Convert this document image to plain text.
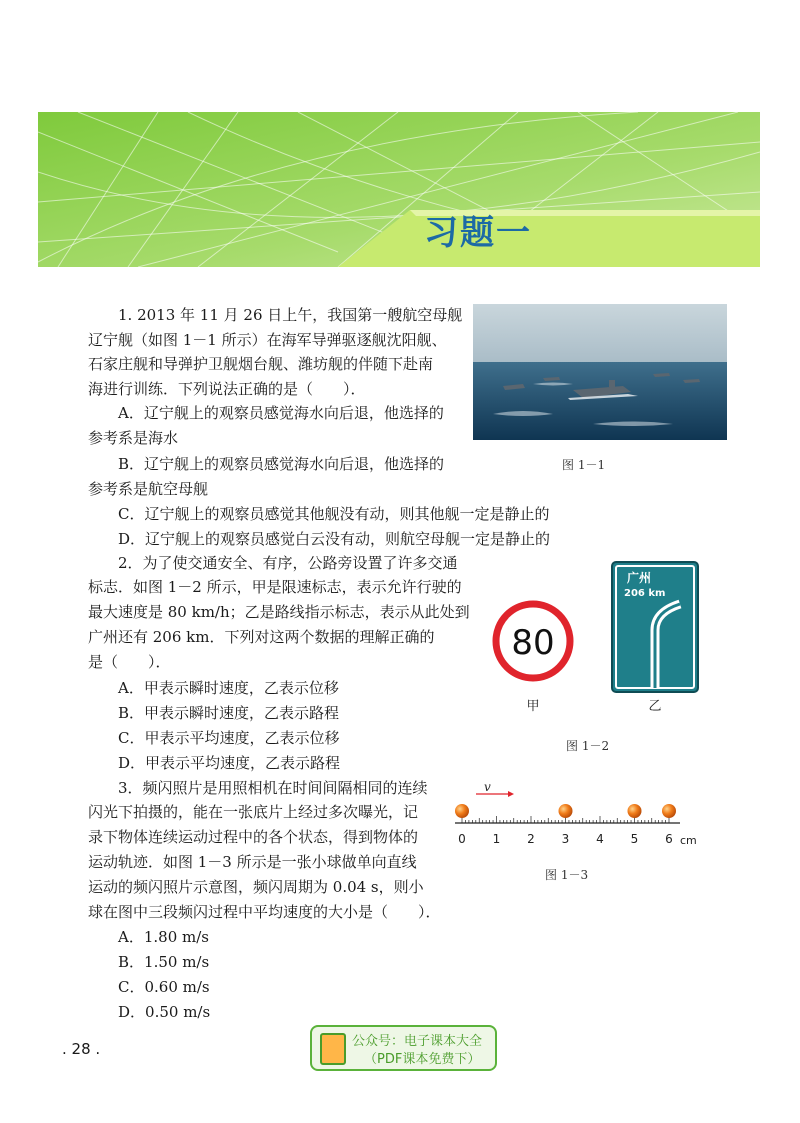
习题一
1. 2013 年 11 月 26 日上午，我国第一艘航空母舰
辽宁舰（如图 1－1 所示）在海军导弹驱逐舰沈阳舰、
石家庄舰和导弹护卫舰烟台舰、潍坊舰的伴随下赴南
海进行训练．下列说法正确的是（　　）．
A．辽宁舰上的观察员感觉海水向后退，他选择的
参考系是海水
B．辽宁舰上的观察员感觉海水向后退，他选择的
参考系是航空母舰
C．辽宁舰上的观察员感觉其他舰没有动，则其他舰一定是静止的
D．辽宁舰上的观察员感觉白云没有动，则航空母舰一定是静止的
图 1－1
2．为了使交通安全、有序，公路旁设置了许多交通
标志．如图 1－2 所示，甲是限速标志，表示允许行驶的
最大速度是 80 km/h；乙是路线指示标志，表示从此处到
广州还有 206 km．下列对这两个数据的理解正确的
是（　　）．
A．甲表示瞬时速度，乙表示位移
B．甲表示瞬时速度，乙表示路程
C．甲表示平均速度，乙表示位移
D．甲表示平均速度，乙表示路程
80
广州
206 km
甲	乙
图 1－2
3．频闪照片是用照相机在时间间隔相同的连续
闪光下拍摄的，能在一张底片上经过多次曝光，记
录下物体连续运动过程中的各个状态，得到物体的
运动轨迹．如图 1－3 所示是一张小球做单向直线
运动的频闪照片示意图，频闪周期为 0.04 s，则小
球在图中三段频闪过程中平均速度的大小是（　　）．
A．1.80 m/s
B．1.50 m/s
C．0.60 m/s
D．0.50 m/s
v
0 1 2 3 4 5 6 cm
图 1－3
. 28 .	公众号：电子课本大全
（PDF课本免费下）
